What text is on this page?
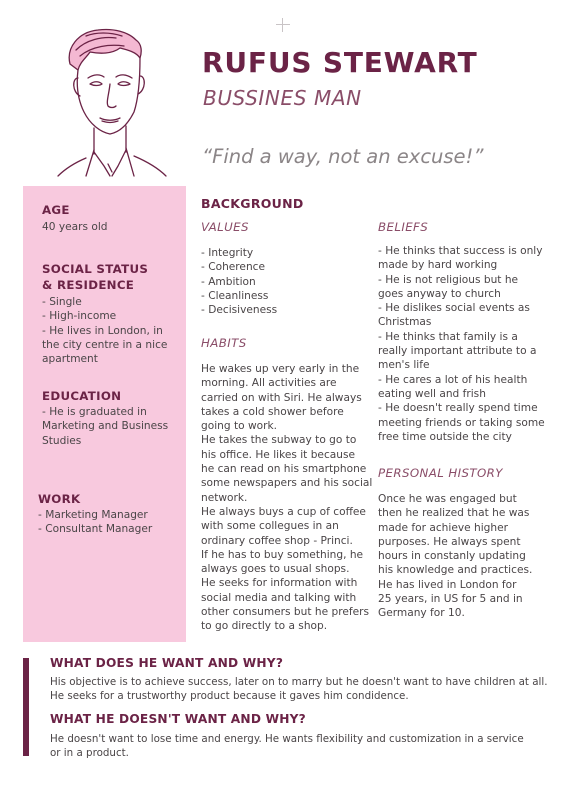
RUFUS STEWART
BUSSINES MAN
“Find a way, not an excuse!”
AGE
40 years old
SOCIAL STATUS
& RESIDENCE
- Single
- High-income
- He lives in London, in
the city centre in a nice
apartment
EDUCATION
- He is graduated in
Marketing and Business
Studies
WORK
- Marketing Manager
- Consultant Manager
BACKGROUND
VALUES
- Integrity
- Coherence
- Ambition
- Cleanliness
- Decisiveness
HABITS
He wakes up very early in the
morning. All activities are
carried on with Siri. He always
takes a cold shower before
going to work.
He takes the subway to go to
his office. He likes it because
he can read on his smartphone
some newspapers and his social
network.
He always buys a cup of coffee
with some collegues in an
ordinary coffee shop - Princi.
If he has to buy something, he
always goes to usual shops.
He seeks for information with
social media and talking with
other consumers but he prefers
to go directly to a shop.
BELIEFS
- He thinks that success is only
made by hard working
- He is not religious but he
goes anyway to church
- He dislikes social events as
Christmas
- He thinks that family is a
really important attribute to a
men's life
- He cares a lot of his health
eating well and frish
- He doesn't really spend time
meeting friends or taking some
free time outside the city
PERSONAL HISTORY
Once he was engaged but
then he realized that he was
made for achieve higher
purposes. He always spent
hours in constanly updating
his knowledge and practices.
He has lived in London for
25 years, in US for 5 and in
Germany for 10.
WHAT DOES HE WANT AND WHY?
His objective is to achieve success, later on to marry but he doesn't want to have children at all.
He seeks for a trustworthy product because it gaves him condidence.
WHAT HE DOESN'T WANT AND WHY?
He doesn't want to lose time and energy. He wants flexibility and customization in a service
or in a product.
